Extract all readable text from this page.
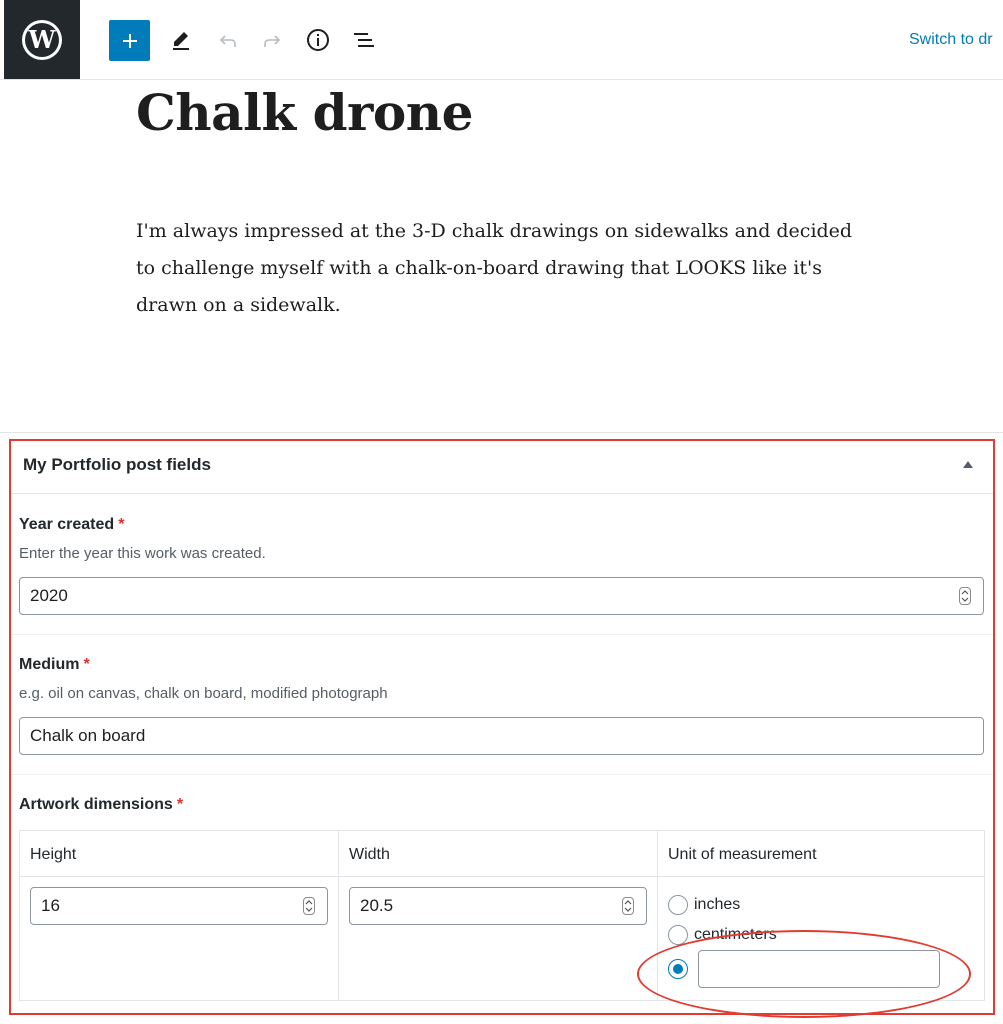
W	Switch to dr
Chalk drone

I'm always impressed at the 3-D chalk drawings on sidewalks and decided to challenge myself with a chalk-on-board drawing that LOOKS like it's drawn on a sidewalk.

My Portfolio post fields
Year created *
Enter the year this work was created.
2020
Medium *
e.g. oil on canvas, chalk on board, modified photograph
Chalk on board
Artwork dimensions *
Height	Width	Unit of measurement
16	20.5	inches
centimeters
